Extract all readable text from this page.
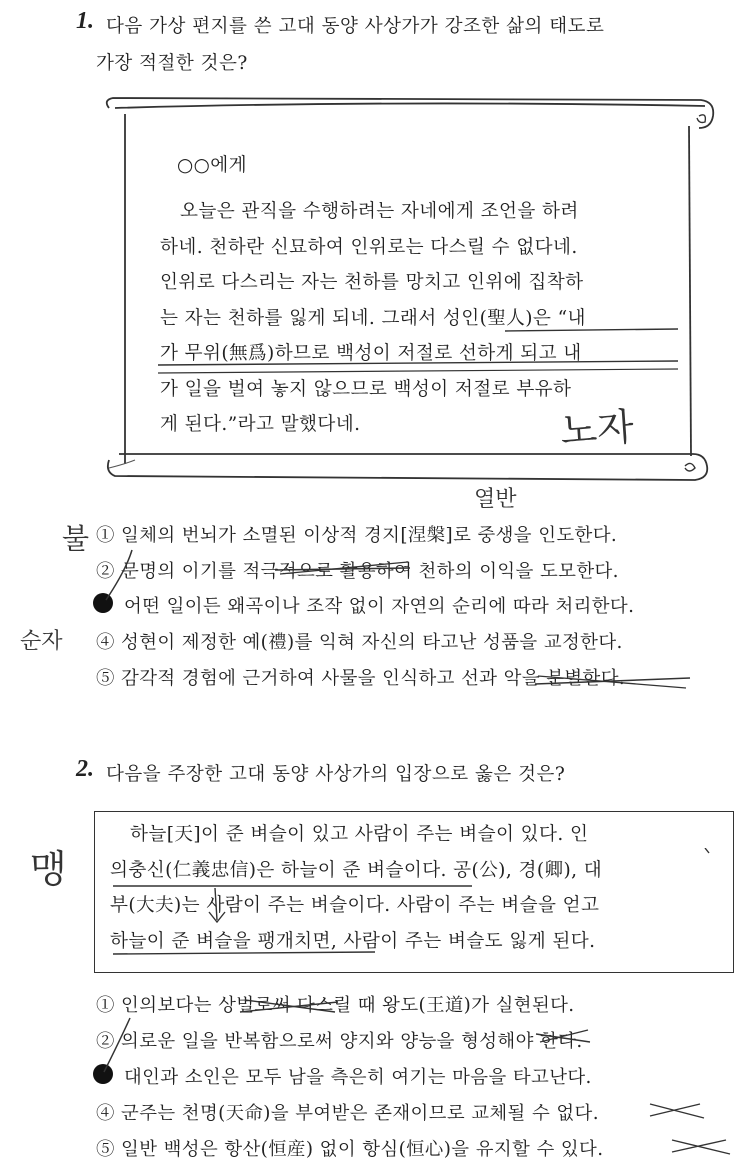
1. 다음 가상 편지를 쓴 고대 동양 사상가가 강조한 삶의 태도로
가장 적절한 것은?
○○에게
오늘은 관직을 수행하려는 자네에게 조언을 하려
하네. 천하란 신묘하여 인위로는 다스릴 수 없다네.
인위로 다스리는 자는 천하를 망치고 인위에 집착하
는 자는 천하를 잃게 되네. 그래서 성인(聖人)은 “내
가 무위(無爲)하므로 백성이 저절로 선하게 되고 내
가 일을 벌여 놓지 않으므로 백성이 저절로 부유하
게 된다.”라고 말했다네.	노자
열반
불
순자
① 일체의 번뇌가 소멸된 이상적 경지[涅槃]로 중생을 인도한다.
② 문명의 이기를 적극적으로 활용하여 천하의 이익을 도모한다.
어떤 일이든 왜곡이나 조작 없이 자연의 순리에 따라 처리한다.
④ 성현이 제정한 예(禮)를 익혀 자신의 타고난 성품을 교정한다.
⑤ 감각적 경험에 근거하여 사물을 인식하고 선과 악을 분별한다.
2. 다음을 주장한 고대 동양 사상가의 입장으로 옳은 것은?
하늘[天]이 준 벼슬이 있고 사람이 주는 벼슬이 있다. 인
의충신(仁義忠信)은 하늘이 준 벼슬이다. 공(公), 경(卿), 대
부(大夫)는 사람이 주는 벼슬이다. 사람이 주는 벼슬을 얻고
하늘이 준 벼슬을 팽개치면, 사람이 주는 벼슬도 잃게 된다.
맹
① 인의보다는 상벌로써 다스릴 때 왕도(王道)가 실현된다.
② 의로운 일을 반복함으로써 양지와 양능을 형성해야 한다.
대인과 소인은 모두 남을 측은히 여기는 마음을 타고난다.
④ 군주는 천명(天命)을 부여받은 존재이므로 교체될 수 없다.
⑤ 일반 백성은 항산(恒産) 없이 항심(恒心)을 유지할 수 있다.
